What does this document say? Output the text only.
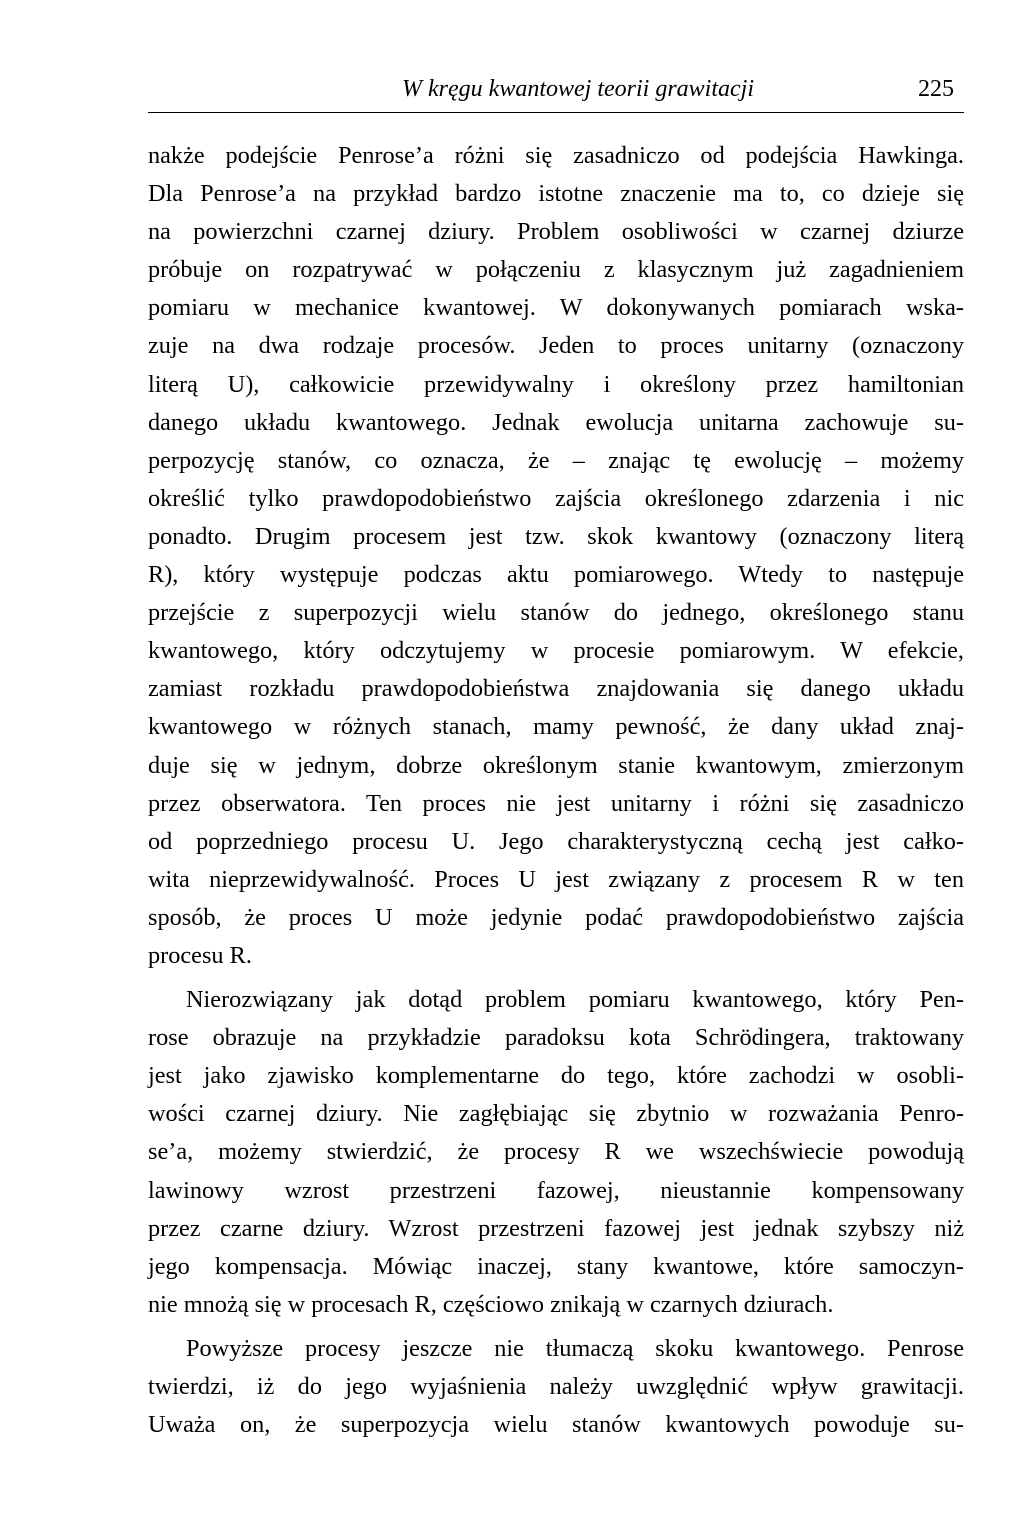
W kręgu kwantowej teorii grawitacji	225
nakże podejście Penrose’a różni się zasadniczo od podejścia Hawkinga.
Dla Penrose’a na przykład bardzo istotne znaczenie ma to, co dzieje się
na powierzchni czarnej dziury. Problem osobliwości w czarnej dziurze
próbuje on rozpatrywać w połączeniu z klasycznym już zagadnieniem
pomiaru w mechanice kwantowej. W dokonywanych pomiarach wska-
zuje na dwa rodzaje procesów. Jeden to proces unitarny (oznaczony
literą U), całkowicie przewidywalny i określony przez hamiltonian
danego układu kwantowego. Jednak ewolucja unitarna zachowuje su-
perpozycję stanów, co oznacza, że – znając tę ewolucję – możemy
określić tylko prawdopodobieństwo zajścia określonego zdarzenia i nic
ponadto. Drugim procesem jest tzw. skok kwantowy (oznaczony literą
R), który występuje podczas aktu pomiarowego. Wtedy to następuje
przejście z superpozycji wielu stanów do jednego, określonego stanu
kwantowego, który odczytujemy w procesie pomiarowym. W efekcie,
zamiast rozkładu prawdopodobieństwa znajdowania się danego układu
kwantowego w różnych stanach, mamy pewność, że dany układ znaj-
duje się w jednym, dobrze określonym stanie kwantowym, zmierzonym
przez obserwatora. Ten proces nie jest unitarny i różni się zasadniczo
od poprzedniego procesu U. Jego charakterystyczną cechą jest całko-
wita nieprzewidywalność. Proces U jest związany z procesem R w ten
sposób, że proces U może jedynie podać prawdopodobieństwo zajścia
procesu R.
Nierozwiązany jak dotąd problem pomiaru kwantowego, który Pen-
rose obrazuje na przykładzie paradoksu kota Schrödingera, traktowany
jest jako zjawisko komplementarne do tego, które zachodzi w osobli-
wości czarnej dziury. Nie zagłębiając się zbytnio w rozważania Penro-
se’a, możemy stwierdzić, że procesy R we wszechświecie powodują
lawinowy wzrost przestrzeni fazowej, nieustannie kompensowany
przez czarne dziury. Wzrost przestrzeni fazowej jest jednak szybszy niż
jego kompensacja. Mówiąc inaczej, stany kwantowe, które samoczyn-
nie mnożą się w procesach R, częściowo znikają w czarnych dziurach.
Powyższe procesy jeszcze nie tłumaczą skoku kwantowego. Penrose
twierdzi, iż do jego wyjaśnienia należy uwzględnić wpływ grawitacji.
Uważa on, że superpozycja wielu stanów kwantowych powoduje su-
